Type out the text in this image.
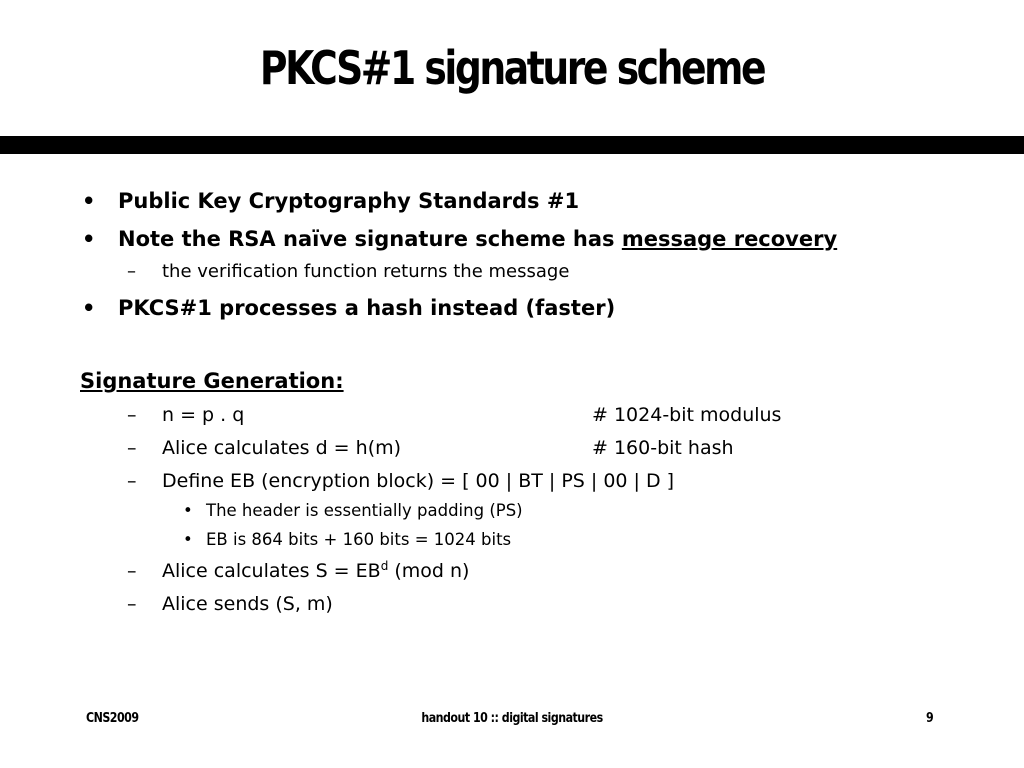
PKCS#1 signature scheme
• Public Key Cryptography Standards #1
• Note the RSA naïve signature scheme has message recovery
– the verification function returns the message
• PKCS#1 processes a hash instead (faster)
Signature Generation:
– n = p . q	# 1024-bit modulus
– Alice calculates d = h(m)	# 160-bit hash
– Define EB (encryption block) = [ 00 | BT | PS | 00 | D ]
• The header is essentially padding (PS)
• EB is 864 bits + 160 bits = 1024 bits
– Alice calculates $S = EB^d$ (mod n)
– Alice sends (S, m)
CNS2009	handout 10 :: digital signatures	9
